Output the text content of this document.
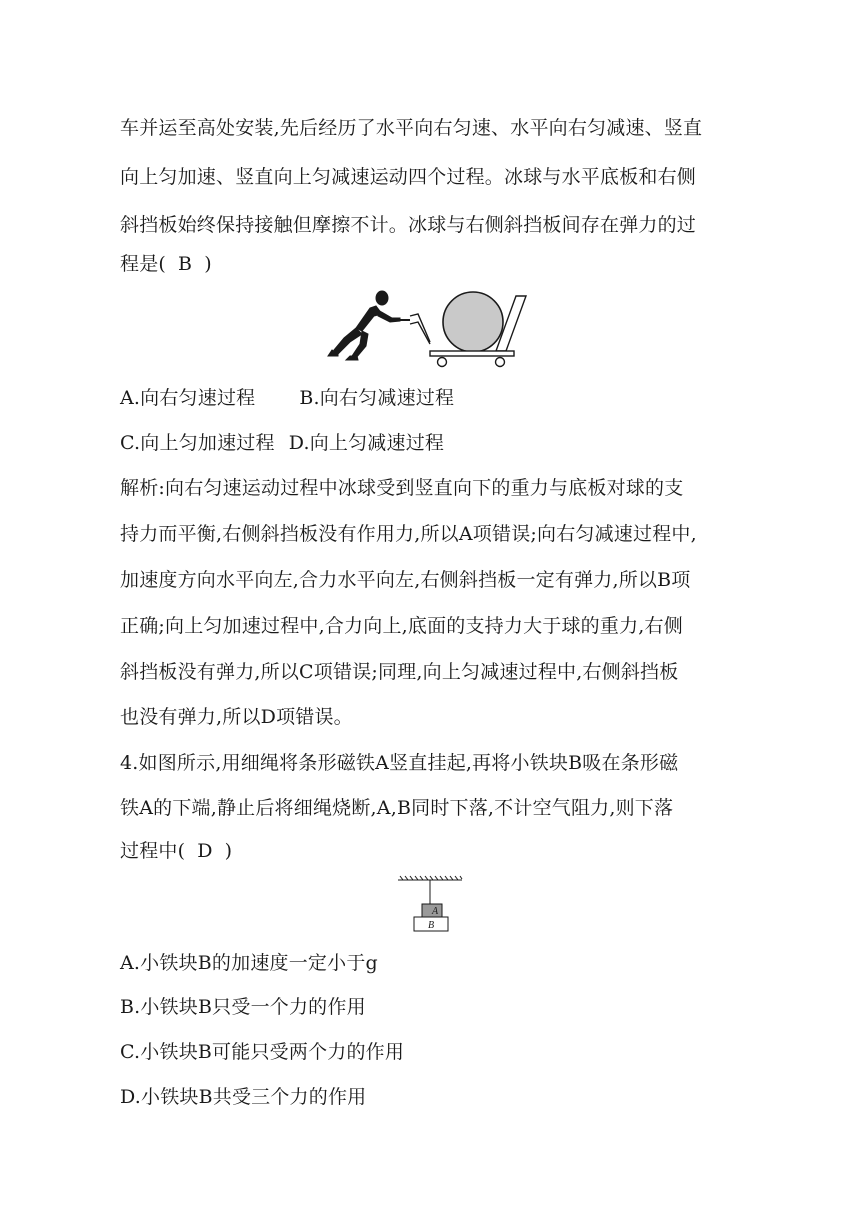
车并运至高处安装,先后经历了水平向右匀速、水平向右匀减速、竖直
向上匀加速、竖直向上匀减速运动四个过程。冰球与水平底板和右侧
斜挡板始终保持接触但摩擦不计。冰球与右侧斜挡板间存在弹力的过
程是( B )
A.向右匀速过程 B.向右匀减速过程
C.向上匀加速过程 D.向上匀减速过程
解析:向右匀速运动过程中冰球受到竖直向下的重力与底板对球的支
持力而平衡,右侧斜挡板没有作用力,所以A项错误;向右匀减速过程中,
加速度方向水平向左,合力水平向左,右侧斜挡板一定有弹力,所以B项
正确;向上匀加速过程中,合力向上,底面的支持力大于球的重力,右侧
斜挡板没有弹力,所以C项错误;同理,向上匀减速过程中,右侧斜挡板
也没有弹力,所以D项错误。
4.如图所示,用细绳将条形磁铁A竖直挂起,再将小铁块B吸在条形磁
铁A的下端,静止后将细绳烧断,A,B同时下落,不计空气阻力,则下落
过程中( D )
A
B
A.小铁块B的加速度一定小于g
B.小铁块B只受一个力的作用
C.小铁块B可能只受两个力的作用
D.小铁块B共受三个力的作用
